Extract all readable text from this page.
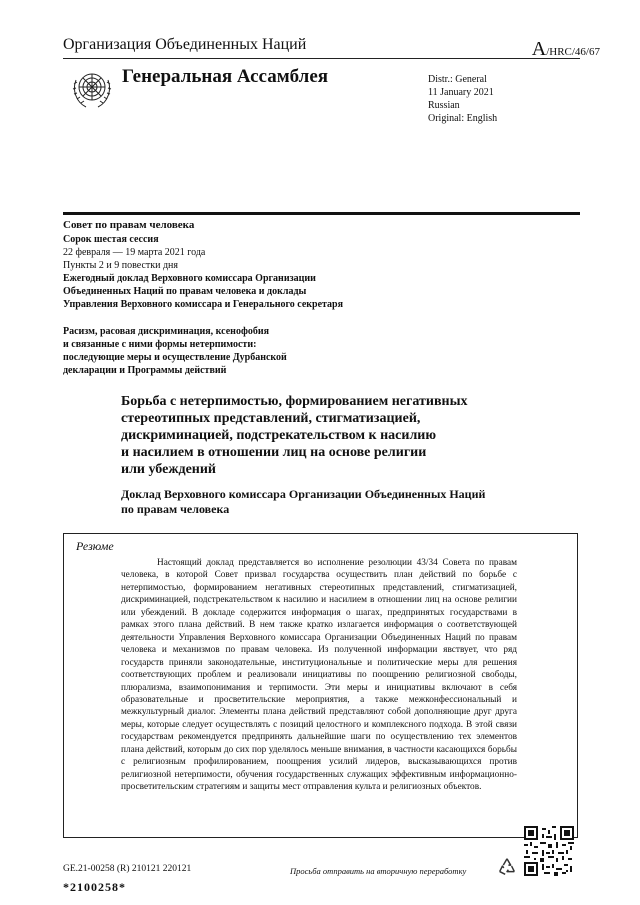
Организация Объединенных Наций	A/HRC/46/67
Генеральная Ассамблея	Distr.: General
11 January 2021
Russian
Original: English
Совет по правам человека
Сорок шестая сессия
22 февраля — 19 марта 2021 года
Пункты 2 и 9 повестки дня
Ежегодный доклад Верховного комиссара Организации
Объединенных Наций по правам человека и доклады
Управления Верховного комиссара и Генерального секретаря
Расизм, расовая дискриминация, ксенофобия
и связанные с ними формы нетерпимости:
последующие меры и осуществление Дурбанской
декларации и Программы действий
Борьба с нетерпимостью, формированием негативных
стереотипных представлений, стигматизацией,
дискриминацией, подстрекательством к насилию
и насилием в отношении лиц на основе религии
или убеждений
Доклад Верховного комиссара Организации Объединенных Наций
по правам человека
Резюме

Настоящий доклад представляется во исполнение резолюции 43/34 Совета по правам человека, в которой Совет призвал государства осуществить план действий по борьбе с нетерпимостью, формированием негативных стереотипных представлений, стигматизацией, дискриминацией, подстрекательством к насилию и насилием в отношении лиц на основе религии или убеждений. В докладе содержится информация о шагах, предпринятых государствами в рамках этого плана действий. В нем также кратко излагается информация о соответствующей деятельности Управления Верховного комиссара Организации Объединенных Наций по правам человека и механизмов по правам человека. Из полученной информации явствует, что ряд государств приняли законодательные, институциональные и политические меры для решения соответствующих проблем и реализовали инициативы по поощрению религиозной свободы, плюрализма, взаимопонимания и терпимости. Эти меры и инициативы включают в себя образовательные и просветительские мероприятия, а также межконфессиональный и межкультурный диалог. Элементы плана действий представляют собой дополняющие друг друга меры, которые следует осуществлять с позиций целостного и комплексного подхода. В этой связи государствам рекомендуется предпринять дальнейшие шаги по осуществлению тех элементов плана действий, которым до сих пор уделялось меньше внимания, в частности касающихся борьбы с религиозным профилированием, поощрения усилий лидеров, высказывающихся против религиозной нетерпимости, обучения государственных служащих эффективным информационно-просветительским стратегиям и защиты мест отправления культа и религиозных объектов.

GE.21-00258 (R) 210121 220121	Просьба отправить на вторичную переработку
*2100258*
